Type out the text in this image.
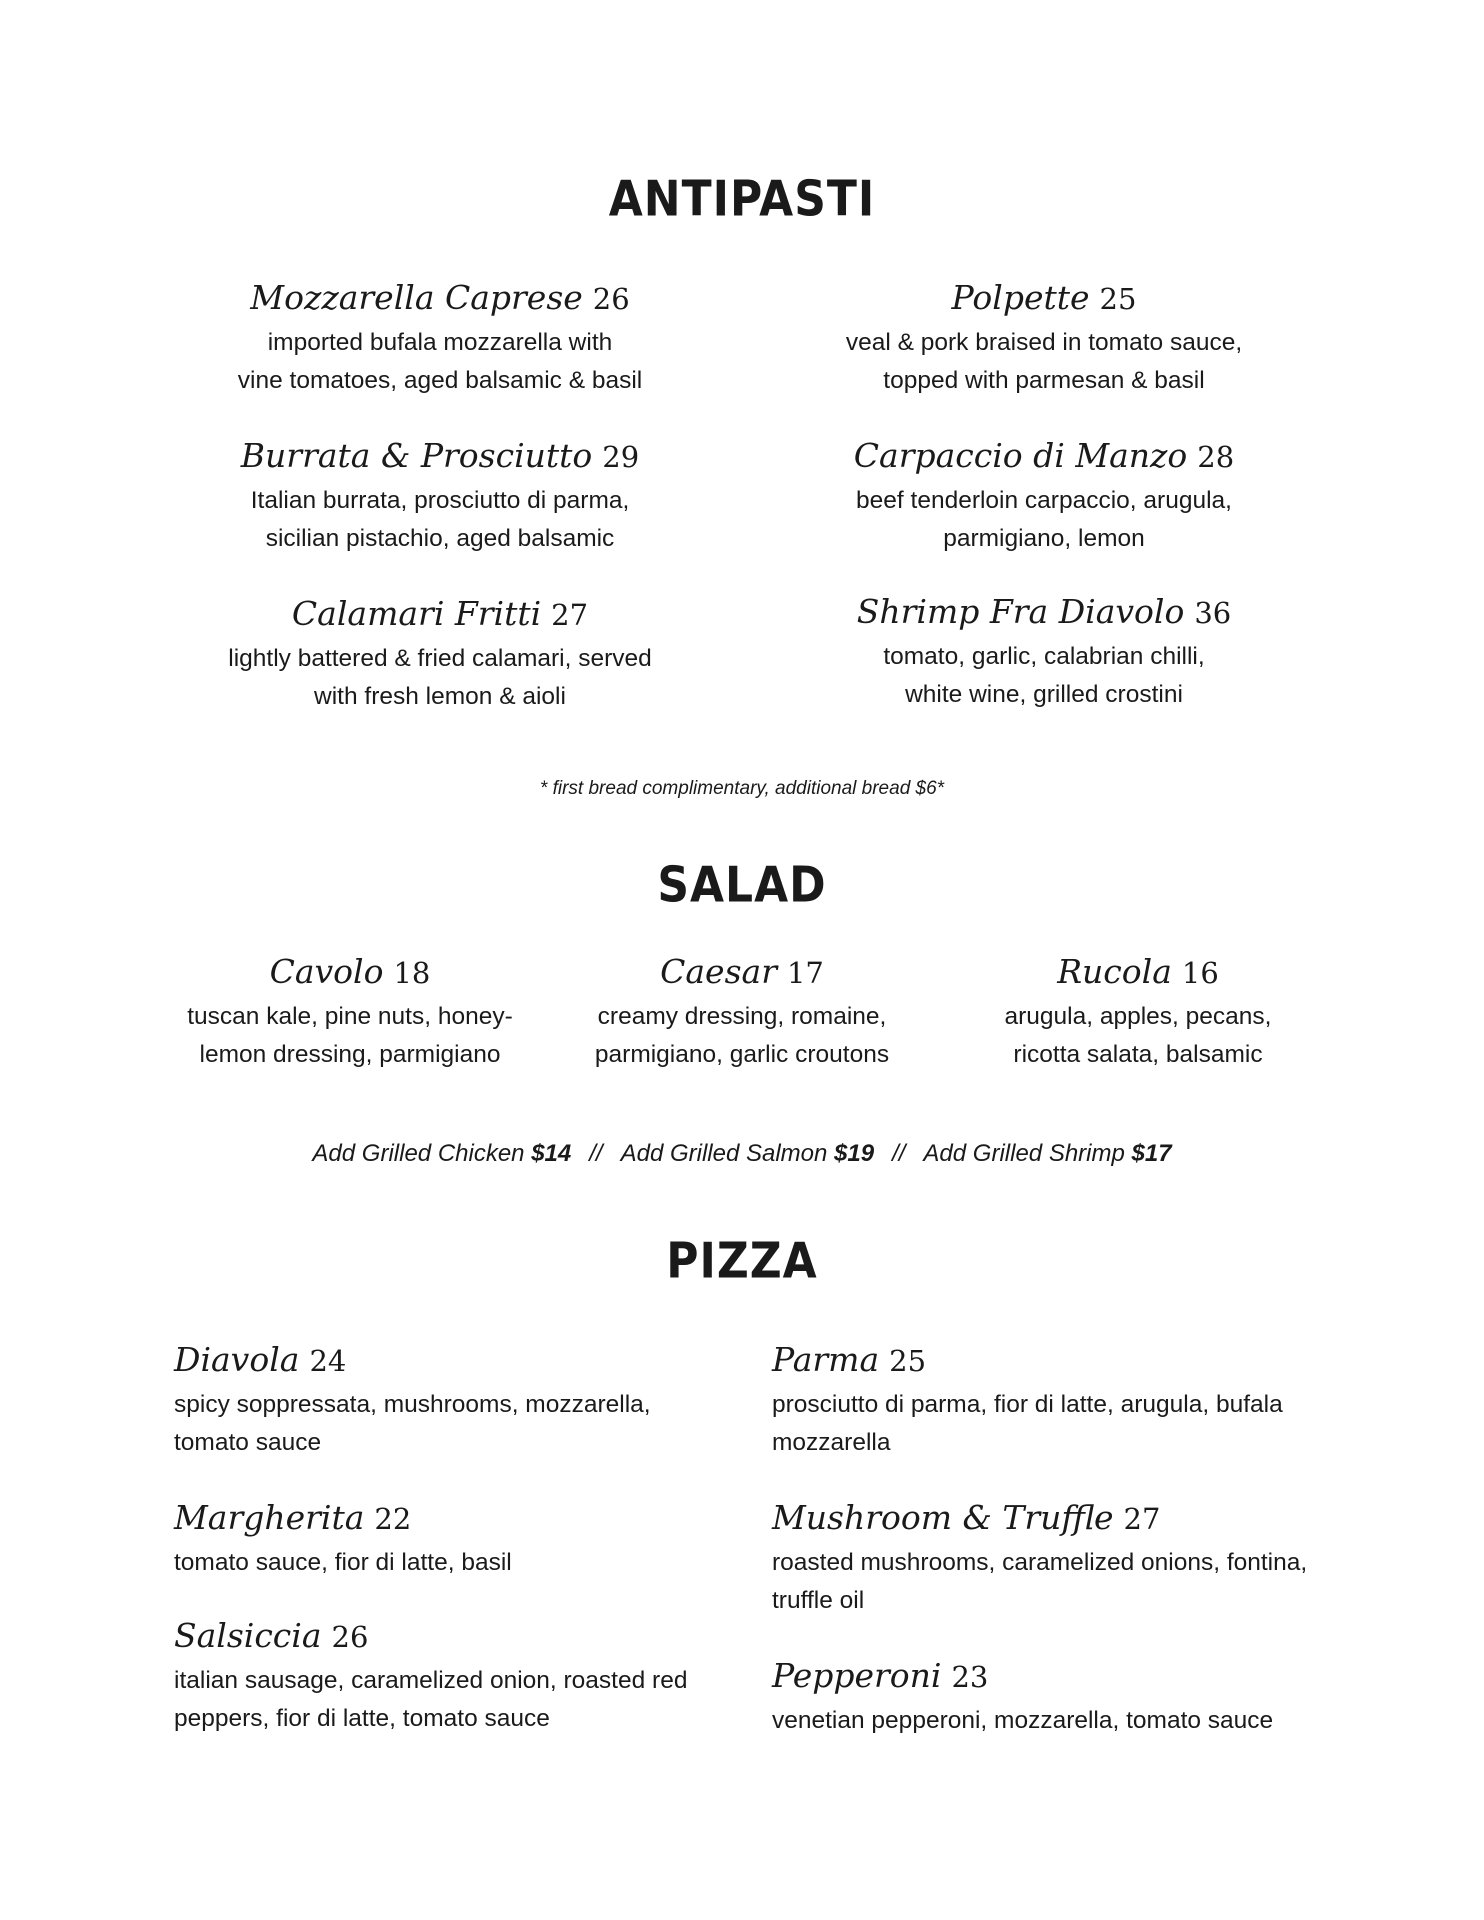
ANTIPASTI

Mozzarella Caprese 26

imported bufala mozzarella with
vine tomatoes, aged balsamic & basil

Polpette 25

veal & pork braised in tomato sauce,
topped with parmesan & basil

Burrata & Prosciutto 29

Italian burrata, prosciutto di parma,
sicilian pistachio, aged balsamic

Carpaccio di Manzo 28

beef tenderloin carpaccio, arugula,
parmigiano, lemon

Calamari Fritti 27

lightly battered & fried calamari, served
with fresh lemon & aioli

Shrimp Fra Diavolo 36

tomato, garlic, calabrian chilli,
white wine, grilled crostini

* first bread complimentary, additional bread $6*

SALAD

Cavolo 18

tuscan kale, pine nuts, honey-
lemon dressing, parmigiano

Caesar 17

creamy dressing, romaine,
parmigiano, garlic croutons

Rucola 16

arugula, apples, pecans,
ricotta salata, balsamic

Add Grilled Chicken $14 // Add Grilled Salmon $19 // Add Grilled Shrimp $17

PIZZA

Diavola 24

spicy soppressata, mushrooms, mozzarella,
tomato sauce

Parma 25

prosciutto di parma, fior di latte, arugula, bufala
mozzarella

Margherita 22

tomato sauce, fior di latte, basil

Mushroom & Truffle 27

roasted mushrooms, caramelized onions, fontina,
truffle oil

Salsiccia 26

italian sausage, caramelized onion, roasted red
peppers, fior di latte, tomato sauce

Pepperoni 23

venetian pepperoni, mozzarella, tomato sauce
